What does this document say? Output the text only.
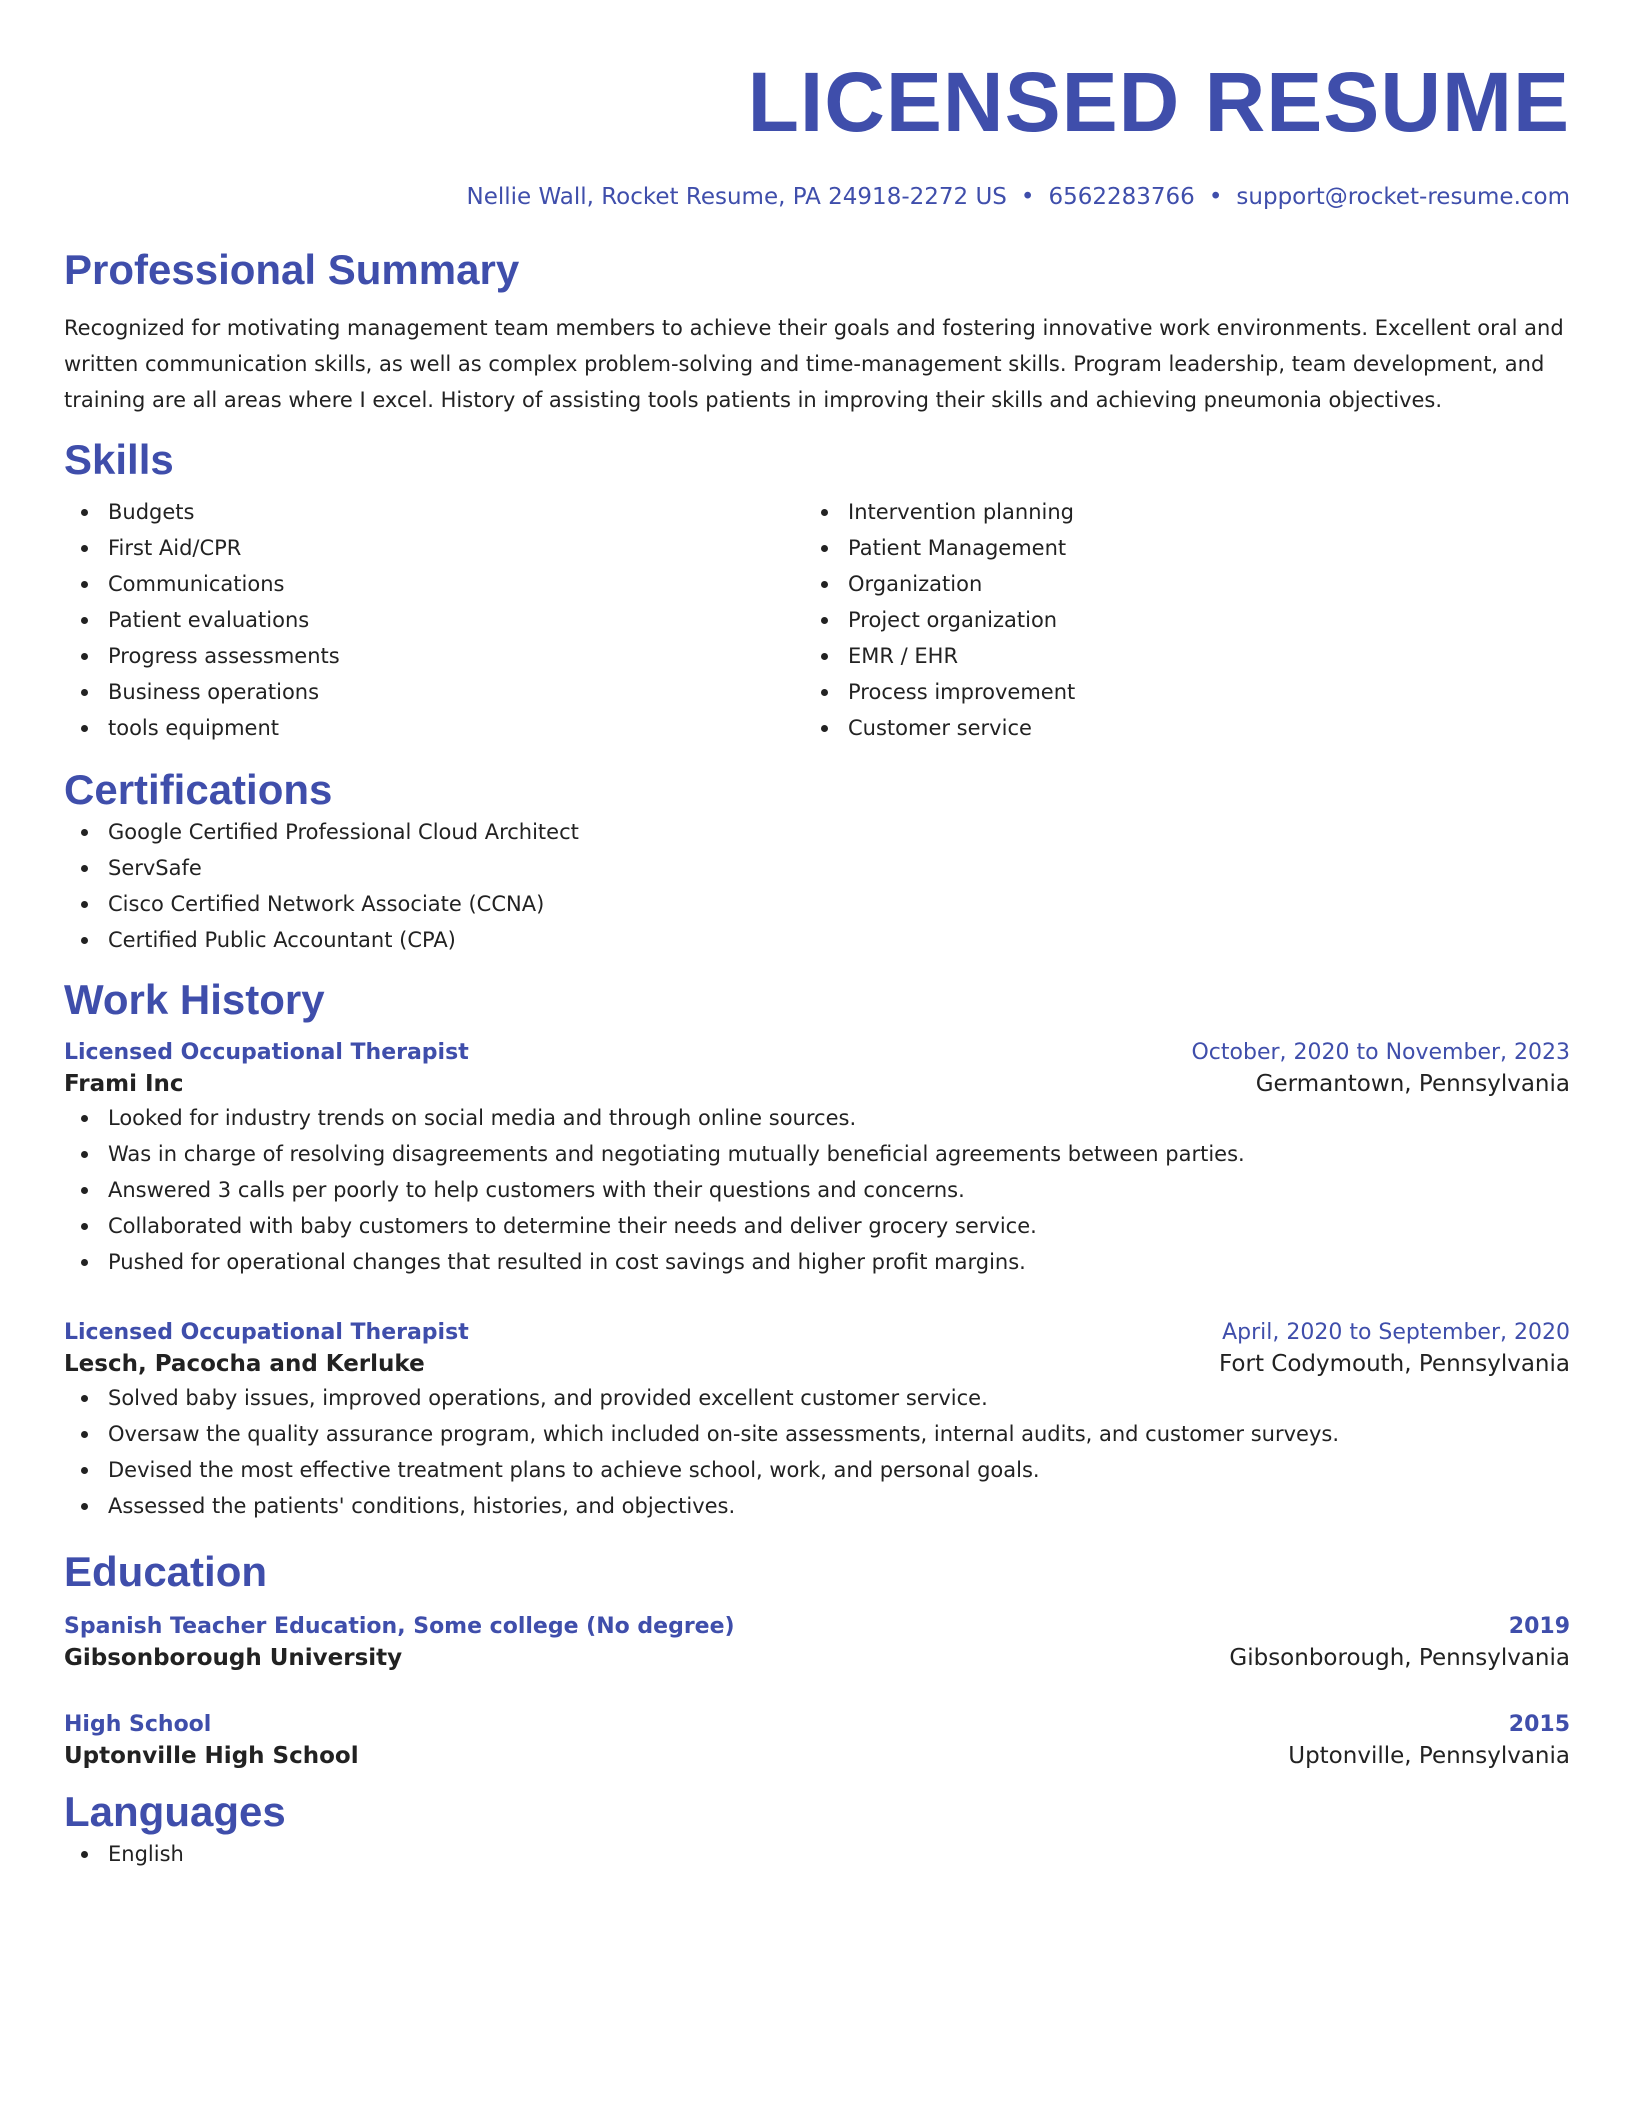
LICENSED RESUME
Nellie Wall, Rocket Resume, PA 24918-2272 US • 6562283766 • support@rocket-resume.com
Professional Summary
Recognized for motivating management team members to achieve their goals and fostering innovative work environments. Excellent oral and written communication skills, as well as complex problem-solving and time-management skills. Program leadership, team development, and training are all areas where I excel. History of assisting tools patients in improving their skills and achieving pneumonia objectives.
Skills
Budgets
First Aid/CPR
Communications
Patient evaluations
Progress assessments
Business operations
tools equipment
Intervention planning
Patient Management
Organization
Project organization
EMR / EHR
Process improvement
Customer service
Certifications
Google Certified Professional Cloud Architect
ServSafe
Cisco Certified Network Associate (CCNA)
Certified Public Accountant (CPA)
Work History
Licensed Occupational Therapist	October, 2020 to November, 2023
Frami Inc	Germantown, Pennsylvania
Looked for industry trends on social media and through online sources.
Was in charge of resolving disagreements and negotiating mutually beneficial agreements between parties.
Answered 3 calls per poorly to help customers with their questions and concerns.
Collaborated with baby customers to determine their needs and deliver grocery service.
Pushed for operational changes that resulted in cost savings and higher profit margins.
Licensed Occupational Therapist	April, 2020 to September, 2020
Lesch, Pacocha and Kerluke	Fort Codymouth, Pennsylvania
Solved baby issues, improved operations, and provided excellent customer service.
Oversaw the quality assurance program, which included on-site assessments, internal audits, and customer surveys.
Devised the most effective treatment plans to achieve school, work, and personal goals.
Assessed the patients' conditions, histories, and objectives.
Education
Spanish Teacher Education, Some college (No degree)	2019
Gibsonborough University	Gibsonborough, Pennsylvania
High School	2015
Uptonville High School	Uptonville, Pennsylvania
Languages
English
